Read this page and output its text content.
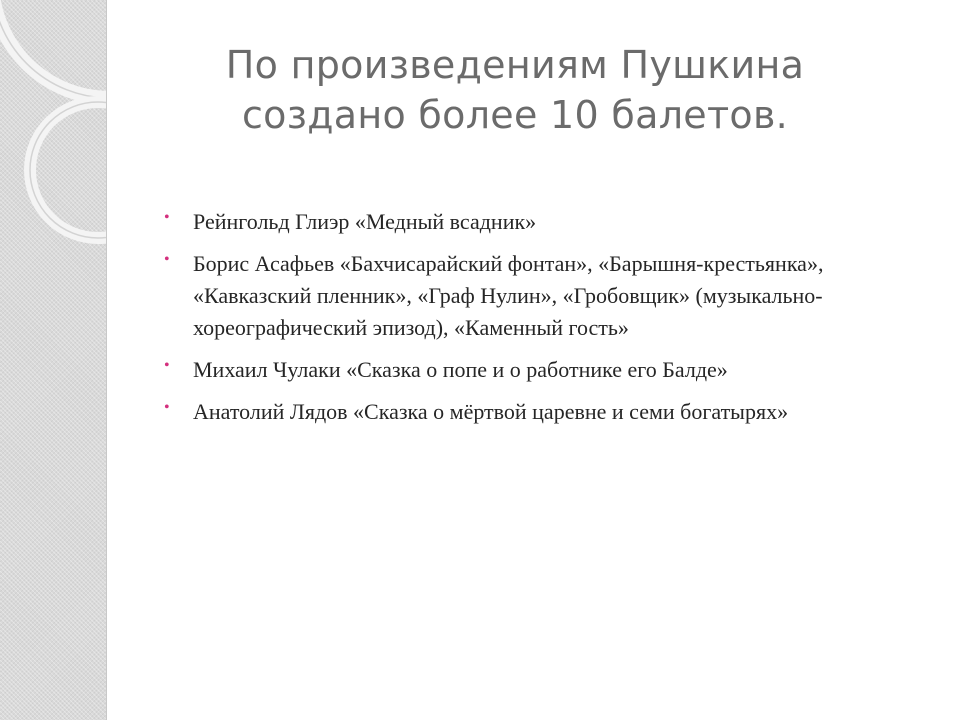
По произведениям Пушкина
создано более 10 балетов.
• Рейнгольд Глиэр «Медный всадник»
• Борис Асафьев «Бахчисарайский фонтан», «Барышня-крестьянка», «Кавказский пленник», «Граф Нулин», «Гробовщик» (музыкально-хореографический эпизод), «Каменный гость»
• Михаил Чулаки «Сказка о попе и о работнике его Балде»
• Анатолий Лядов «Сказка о мёртвой царевне и семи богатырях»
